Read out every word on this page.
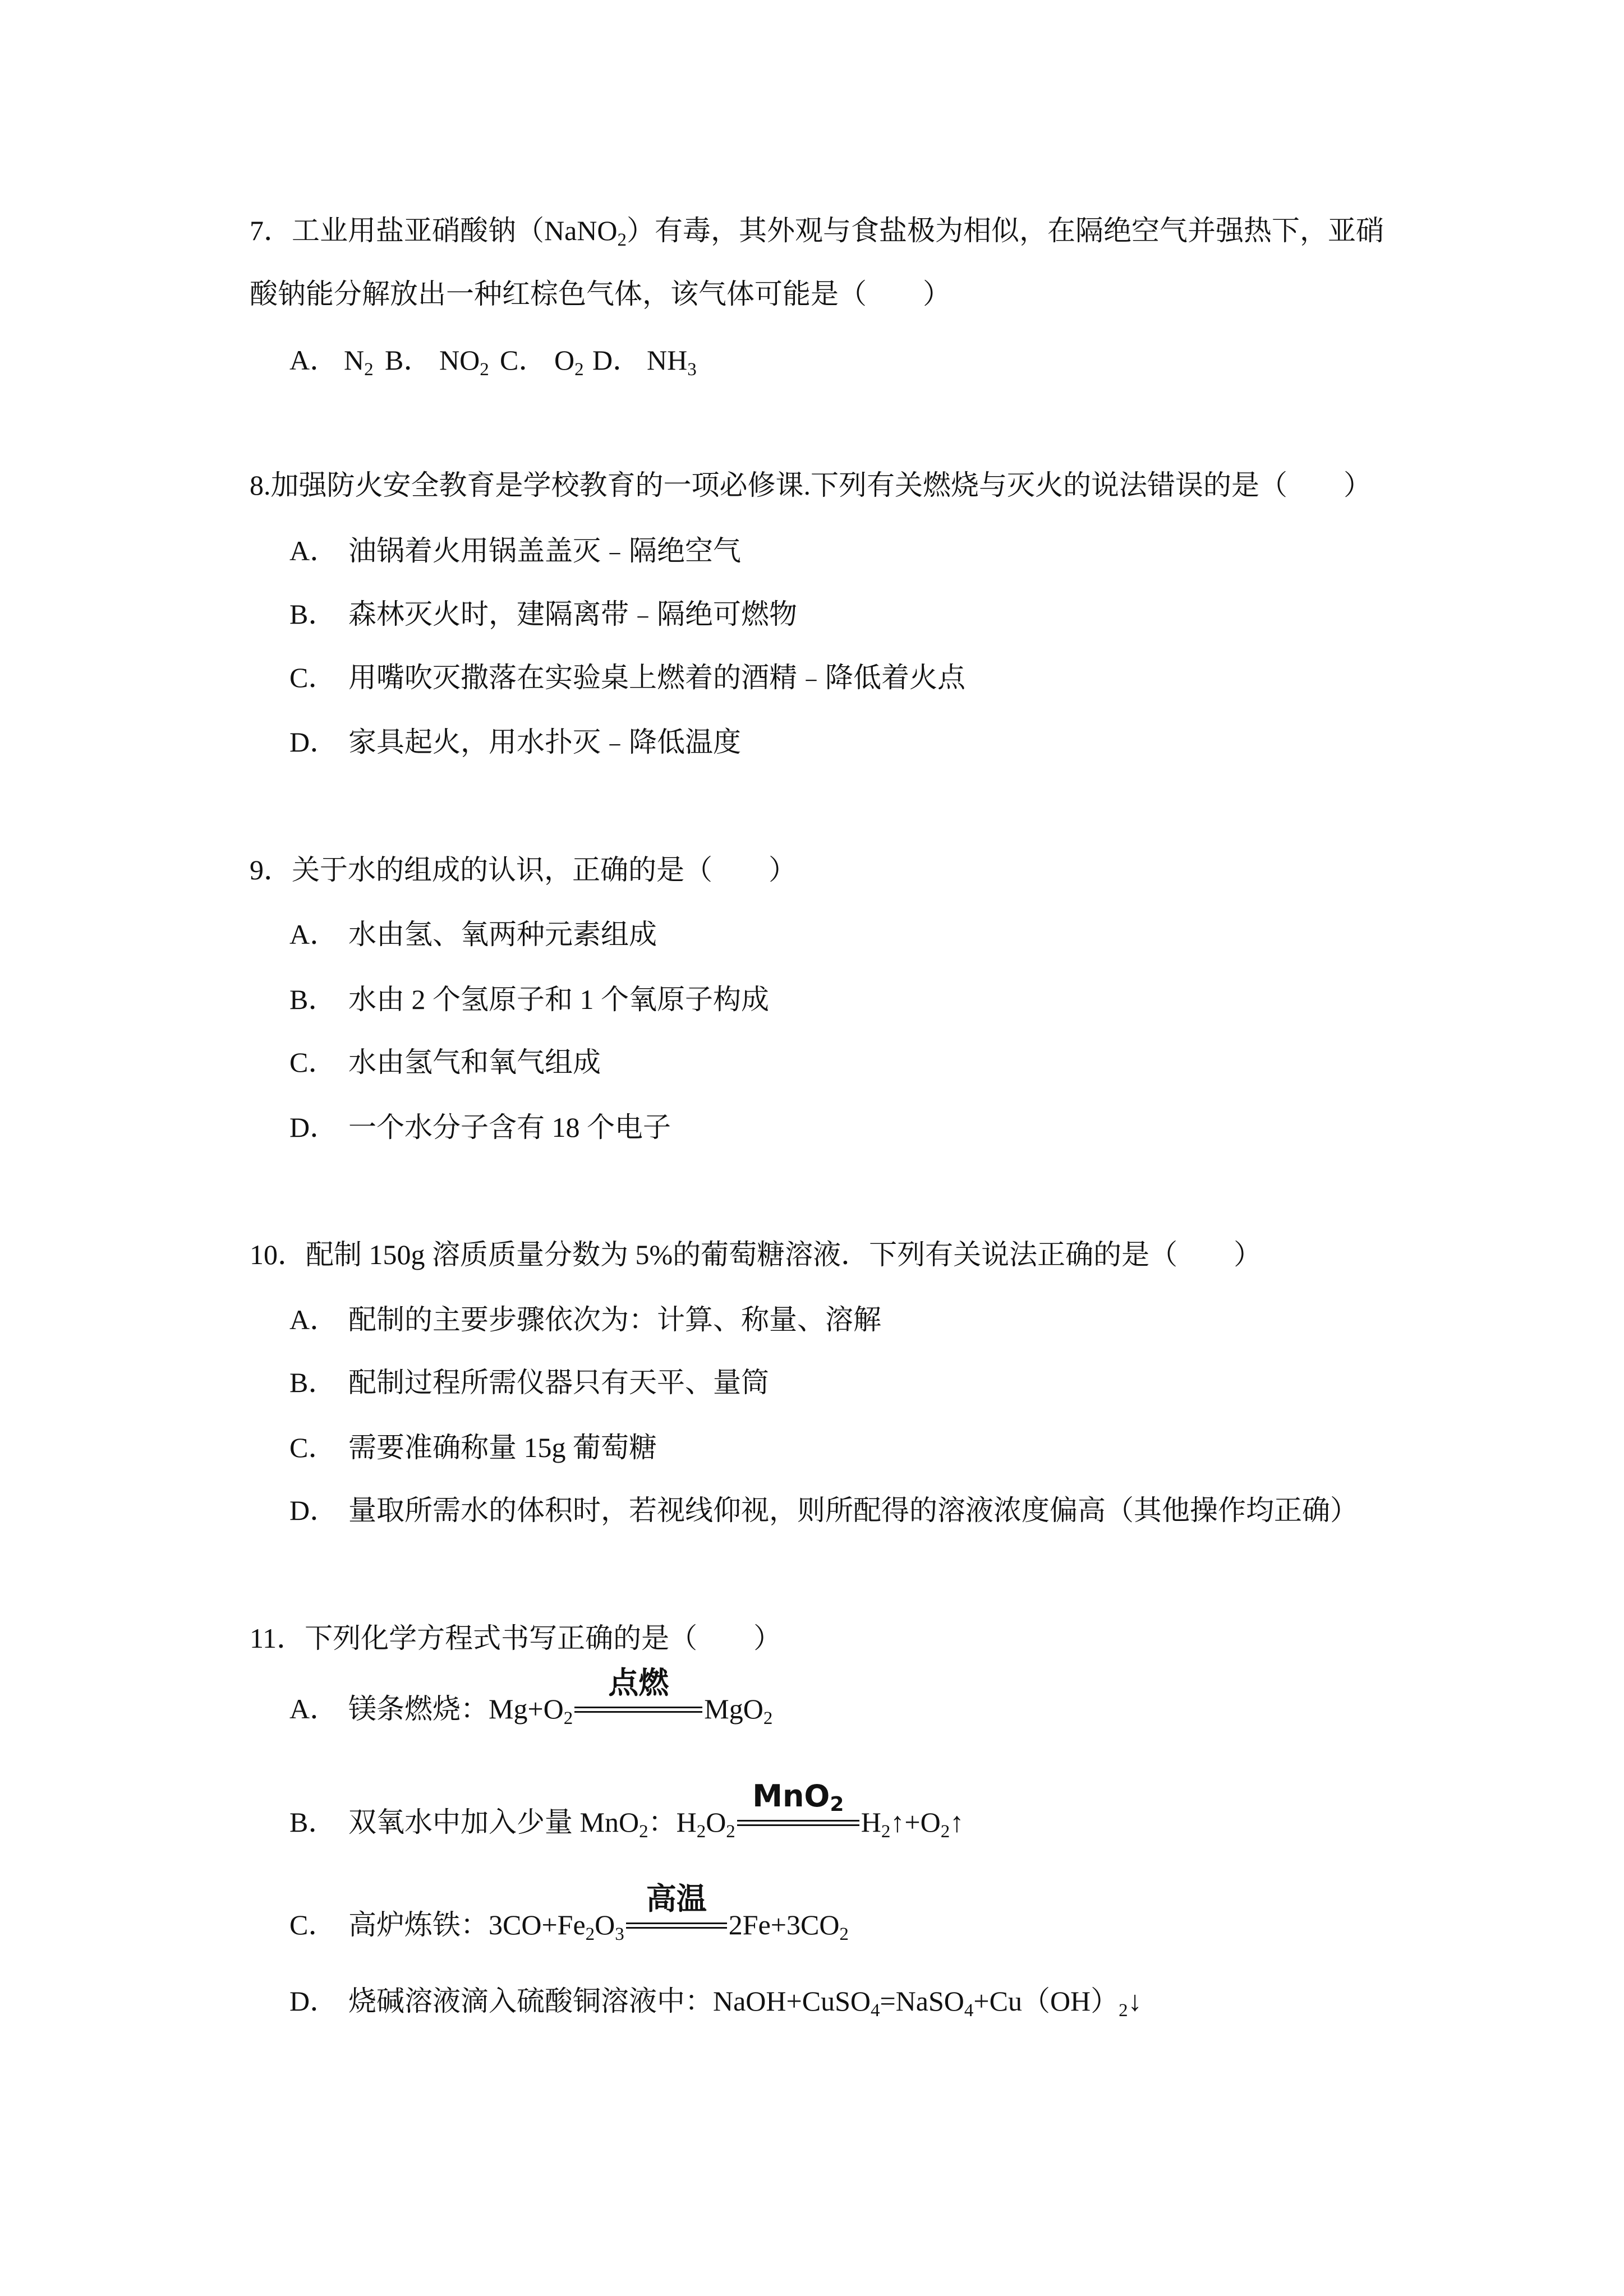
7．工业用盐亚硝酸钠（NaNO$_2$）有毒，其外观与食盐极为相似，在隔绝空气并强热下，亚硝
酸钠能分解放出一种红棕色气体，该气体可能是（　　）
A． $N_2$ B． $NO_2$ C． $O_2$ D． $NH_3$
8.加强防火安全教育是学校教育的一项必修课.下列有关燃烧与灭火的说法错误的是（　　）
A． 油锅着火用锅盖盖灭﹣隔绝空气
B． 森林灭火时，建隔离带﹣隔绝可燃物
C． 用嘴吹灭撒落在实验桌上燃着的酒精﹣降低着火点
D． 家具起火，用水扑灭﹣降低温度
9．关于水的组成的认识，正确的是（　　）
A． 水由氢、氧两种元素组成
B． 水由 2 个氢原子和 1 个氧原子构成
C． 水由氢气和氧气组成
D． 一个水分子含有 18 个电子
10．配制 150g 溶质质量分数为 5%的葡萄糖溶液．下列有关说法正确的是（　　）
A． 配制的主要步骤依次为：计算、称量、溶解
B． 配制过程所需仪器只有天平、量筒
C． 需要准确称量 15g 葡萄糖
D． 量取所需水的体积时，若视线仰视，则所配得的溶液浓度偏高（其他操作均正确）
11．下列化学方程式书写正确的是（　　）
A． 镁条燃烧：$Mg+O_2$
点燃
MgO$_2$
B． 双氧水中加入少量 MnO$_2$：$H_2O_2$
MnO$_2$
$H_2↑+O_2↑$
C． 高炉炼铁：$3CO+Fe_2O_3$
高温
$2Fe+3CO_2$
D． 烧碱溶液滴入硫酸铜溶液中：$NaOH+CuSO_4=NaSO_4+Cu(OH)_2↓$
